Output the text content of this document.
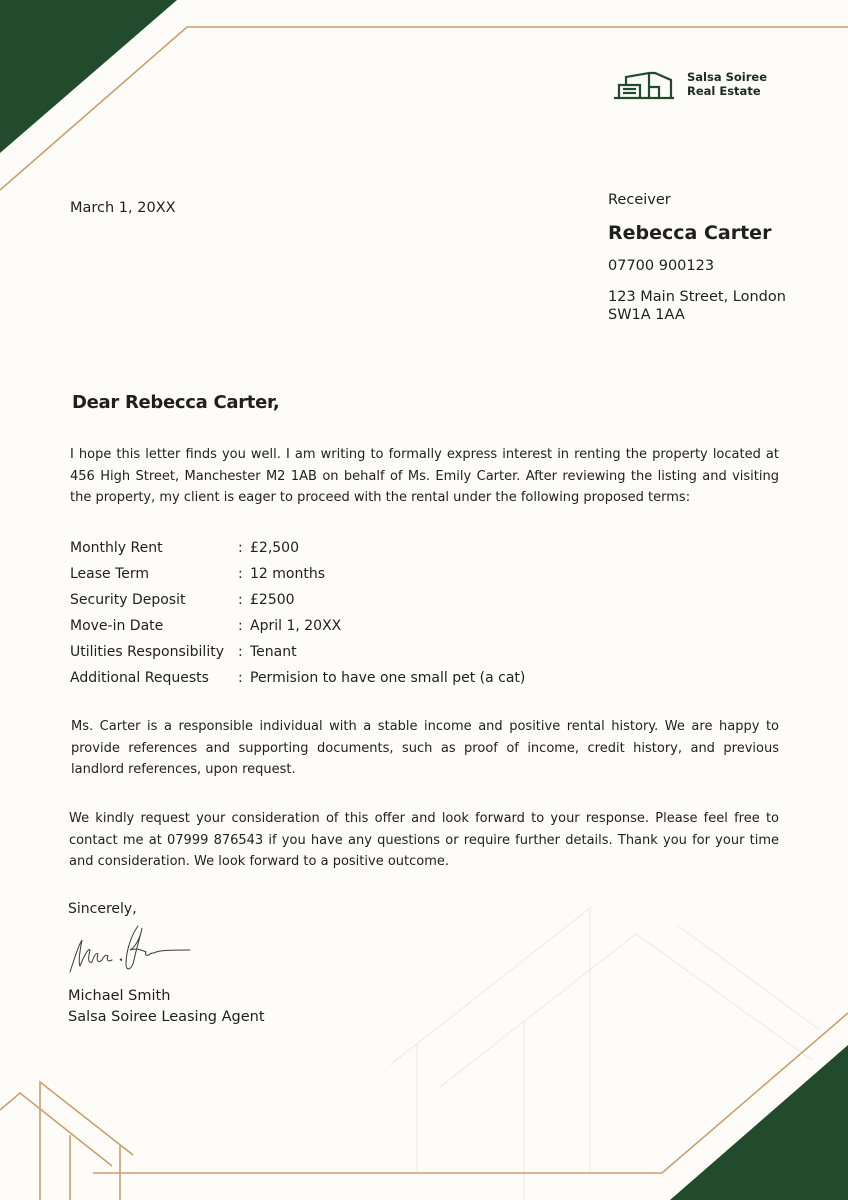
Salsa Soiree
Real Estate
March 1, 20XX	Receiver
Rebecca Carter
07700 900123
123 Main Street, London
SW1A 1AA
Dear Rebecca Carter,
I hope this letter finds you well. I am writing to formally express interest in renting the property located at 456 High Street, Manchester M2 1AB on behalf of Ms. Emily Carter. After reviewing the listing and visiting the property, my client is eager to proceed with the rental under the following proposed terms:
Monthly Rent	: £2,500
Lease Term	: 12 months
Security Deposit	: £2500
Move-in Date	: April 1, 20XX
Utilities Responsibility	: Tenant
Additional Requests	: Permision to have one small pet (a cat)
Ms. Carter is a responsible individual with a stable income and positive rental history. We are happy to provide references and supporting documents, such as proof of income, credit history, and previous landlord references, upon request.
We kindly request your consideration of this offer and look forward to your response. Please feel free to contact me at 07999 876543 if you have any questions or require further details. Thank you for your time and consideration. We look forward to a positive outcome.
Sincerely,
Michael Smith
Salsa Soiree Leasing Agent
